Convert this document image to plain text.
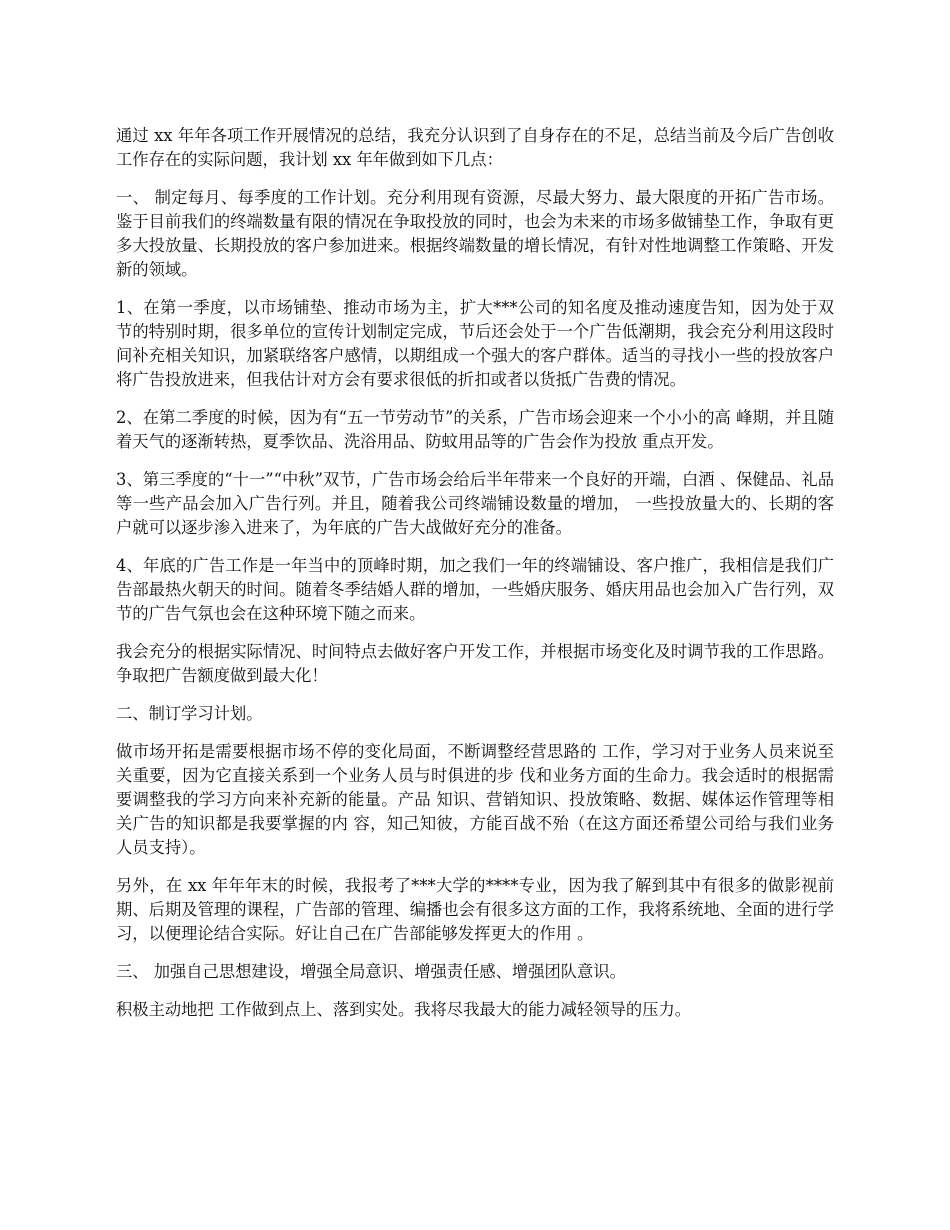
通过 xx 年年各项工作开展情况的总结，我充分认识到了自身存在的不足，总结当前及今后广告创收工作存在的实际问题，我计划 xx 年年做到如下几点：

一、 制定每月、每季度的工作计划。充分利用现有资源，尽最大努力、最大限度的开拓广告市场。鉴于目前我们的终端数量有限的情况在争取投放的同时，也会为未来的市场多做铺垫工作，争取有更多大投放量、长期投放的客户参加进来。根据终端数量的增长情况，有针对性地调整工作策略、开发新的领域。

1、在第一季度，以市场铺垫、推动市场为主，扩大***公司的知名度及推动速度告知，因为处于双节的特别时期，很多单位的宣传计划制定完成，节后还会处于一个广告低潮期，我会充分利用这段时间补充相关知识，加紧联络客户感情，以期组成一个强大的客户群体。适当的寻找小一些的投放客户将广告投放进来，但我估计对方会有要求很低的折扣或者以货抵广告费的情况。

2、在第二季度的时候，因为有“五一节劳动节”的关系，广告市场会迎来一个小小的高 峰期，并且随着天气的逐渐转热，夏季饮品、洗浴用品、防蚊用品等的广告会作为投放 重点开发。

3、第三季度的“十一”“中秋”双节，广告市场会给后半年带来一个良好的开端，白酒 、保健品、礼品等一些产品会加入广告行列。并且，随着我公司终端铺设数量的增加， 一些投放量大的、长期的客户就可以逐步渗入进来了，为年底的广告大战做好充分的准备。

4、年底的广告工作是一年当中的顶峰时期，加之我们一年的终端铺设、客户推广，我相信是我们广告部最热火朝天的时间。随着冬季结婚人群的增加，一些婚庆服务、婚庆用品也会加入广告行列，双节的广告气氛也会在这种环境下随之而来。

我会充分的根据实际情况、时间特点去做好客户开发工作，并根据市场变化及时调节我的工作思路。争取把广告额度做到最大化！

二、制订学习计划。

做市场开拓是需要根据市场不停的变化局面，不断调整经营思路的 工作，学习对于业务人员来说至关重要，因为它直接关系到一个业务人员与时俱进的步 伐和业务方面的生命力。我会适时的根据需要调整我的学习方向来补充新的能量。产品 知识、营销知识、投放策略、数据、媒体运作管理等相关广告的知识都是我要掌握的内 容，知己知彼，方能百战不殆（在这方面还希望公司给与我们业务人员支持）。

另外，在 xx 年年年末的时候，我报考了***大学的****专业，因为我了解到其中有很多的做影视前期、后期及管理的课程，广告部的管理、编播也会有很多这方面的工作，我将系统地、全面的进行学习，以便理论结合实际。好让自己在广告部能够发挥更大的作用 。

三、 加强自己思想建设，增强全局意识、增强责任感、增强团队意识。

积极主动地把 工作做到点上、落到实处。我将尽我最大的能力减轻领导的压力。
